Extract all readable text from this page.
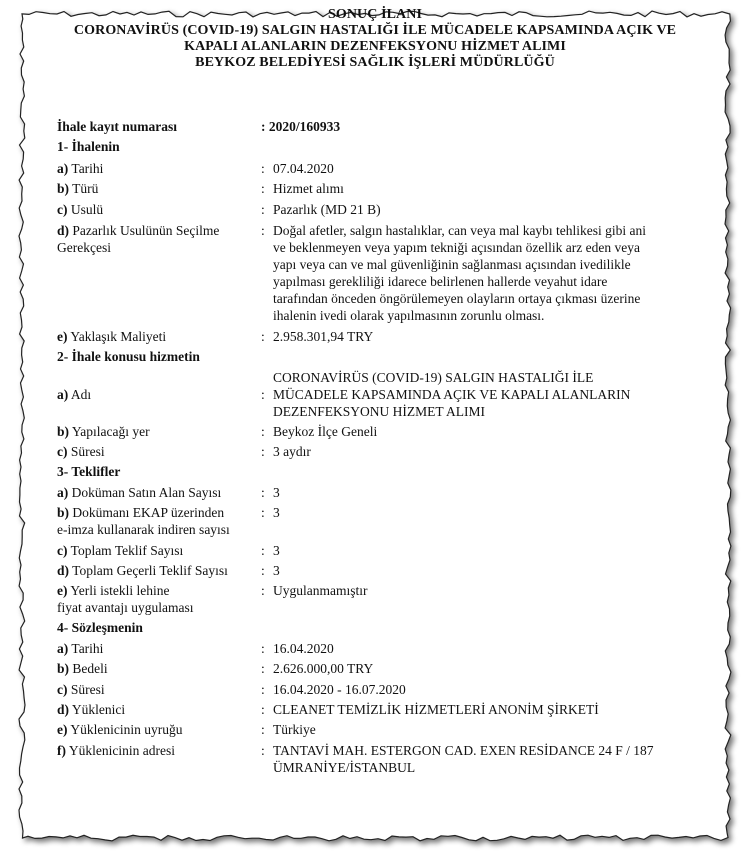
SONUÇ İLANI
CORONAVİRÜS (COVID-19) SALGIN HASTALIĞI İLE MÜCADELE KAPSAMINDA AÇIK VE
KAPALI ALANLARIN DEZENFEKSYONU HİZMET ALIMI
BEYKOZ BELEDİYESİ SAĞLIK İŞLERİ MÜDÜRLÜĞÜ
İhale kayıt numarası	: 2020/160933
1- İhalenin
a) Tarihi	: 07.04.2020
b) Türü	: Hizmet alımı
c) Usulü	: Pazarlık (MD 21 B)
d) Pazarlık Usulünün Seçilme
Gerekçesi
: Doğal afetler, salgın hastalıklar, can veya mal kaybı tehlikesi gibi ani
ve beklenmeyen veya yapım tekniği açısından özellik arz eden veya
yapı veya can ve mal güvenliğinin sağlanması açısından ivedilikle
yapılması gerekliliği idarece belirlenen hallerde veyahut idare
tarafından önceden öngörülemeyen olayların ortaya çıkması üzerine
ihalenin ivedi olarak yapılmasının zorunlu olması.
e) Yaklaşık Maliyeti	: 2.958.301,94 TRY
2- İhale konusu hizmetin
a) Adı	:
CORONAVİRÜS (COVID-19) SALGIN HASTALIĞI İLE
MÜCADELE KAPSAMINDA AÇIK VE KAPALI ALANLARIN
DEZENFEKSYONU HİZMET ALIMI
b) Yapılacağı yer	: Beykoz İlçe Geneli
c) Süresi	: 3 aydır
3- Teklifler
a) Doküman Satın Alan Sayısı	: 3
b) Dokümanı EKAP üzerinden
e-imza kullanarak indiren sayısı
: 3
c) Toplam Teklif Sayısı	: 3
d) Toplam Geçerli Teklif Sayısı	: 3
e) Yerli istekli lehine
fiyat avantajı uygulaması
: Uygulanmamıştır
4- Sözleşmenin
a) Tarihi	: 16.04.2020
b) Bedeli	: 2.626.000,00 TRY
c) Süresi	: 16.04.2020 - 16.07.2020
d) Yüklenici	: CLEANET TEMİZLİK HİZMETLERİ ANONİM ŞİRKETİ
e) Yüklenicinin uyruğu	: Türkiye
f) Yüklenicinin adresi	: TANTAVİ MAH. ESTERGON CAD. EXEN RESİDANCE 24 F / 187
ÜMRANİYE/İSTANBUL
